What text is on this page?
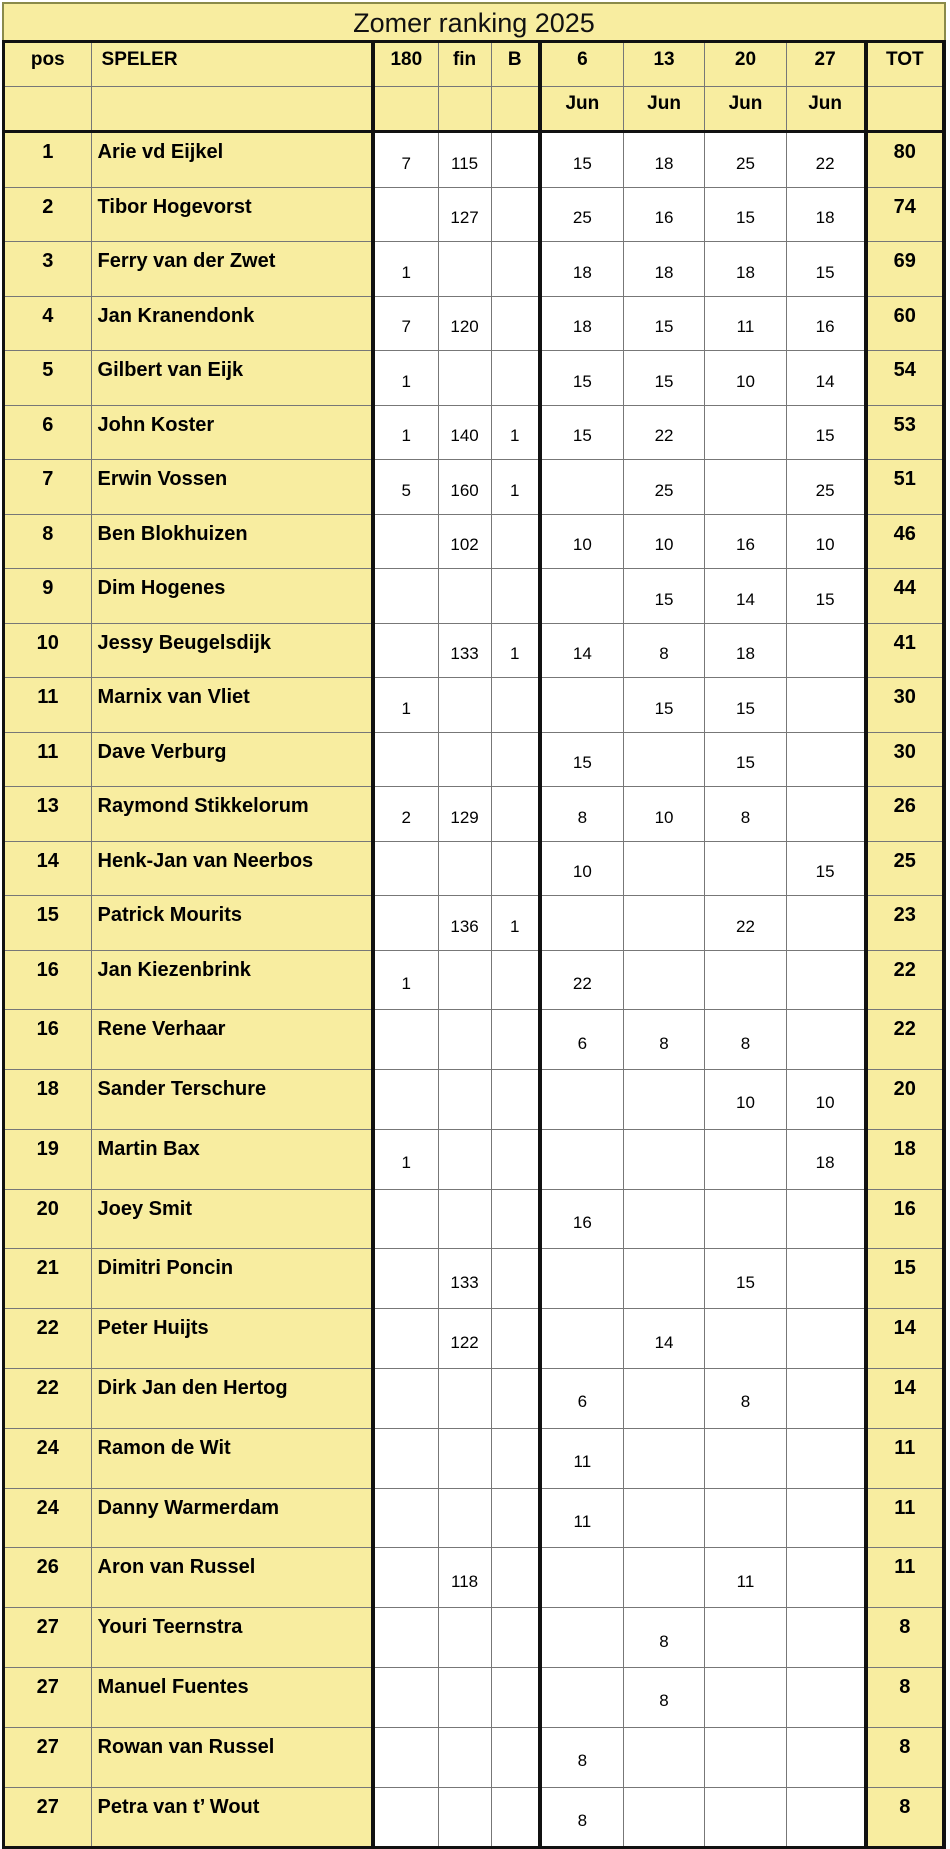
Zomer ranking 2025
pos	SPELER	180	fin	B	6	13	20	27	TOT
					Jun	Jun	Jun	Jun	
1	Arie vd Eijkel	7	115		15	18	25	22	80
2	Tibor Hogevorst		127		25	16	15	18	74
3	Ferry van der Zwet	1			18	18	18	15	69
4	Jan Kranendonk	7	120		18	15	11	16	60
5	Gilbert van Eijk	1			15	15	10	14	54
6	John Koster	1	140	1	15	22		15	53
7	Erwin Vossen	5	160	1		25		25	51
8	Ben Blokhuizen		102		10	10	16	10	46
9	Dim Hogenes					15	14	15	44
10	Jessy Beugelsdijk		133	1	14	8	18		41
11	Marnix van Vliet	1				15	15		30
11	Dave Verburg				15		15		30
13	Raymond Stikkelorum	2	129		8	10	8		26
14	Henk-Jan van Neerbos				10			15	25
15	Patrick Mourits		136	1			22		23
16	Jan Kiezenbrink	1			22				22
16	Rene Verhaar				6	8	8		22
18	Sander Terschure						10	10	20
19	Martin Bax	1						18	18
20	Joey Smit				16				16
21	Dimitri Poncin		133				15		15
22	Peter Huijts		122			14			14
22	Dirk Jan den Hertog				6		8		14
24	Ramon de Wit				11				11
24	Danny Warmerdam				11				11
26	Aron van Russel		118				11		11
27	Youri Teernstra					8			8
27	Manuel Fuentes					8			8
27	Rowan van Russel				8				8
27	Petra van t’ Wout				8				8
